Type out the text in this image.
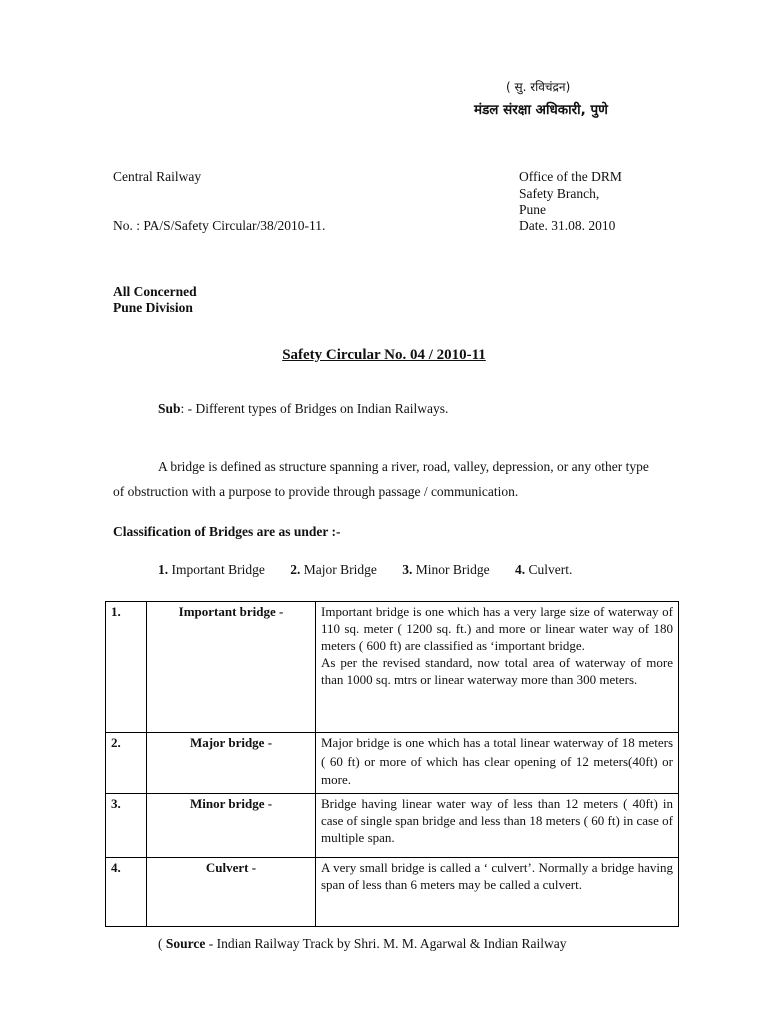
( सु. रविचंद्रन)
मंडल संरक्षा अधिकारी, पुणे
Central Railway
No. : PA/S/Safety Circular/38/2010-11.
Office of the DRM
Safety Branch,
Pune
Date. 31.08. 2010
All Concerned
Pune Division
Safety Circular No. 04 / 2010-11
Sub: - Different types of Bridges on Indian Railways.
A bridge is defined as structure spanning a river, road, valley, depression, or any other type of obstruction with a purpose to provide through passage / communication.
Classification of Bridges are as under :-
1. Important Bridge 2. Major Bridge 3. Minor Bridge 4. Culvert.
1.	Important bridge -	Important bridge is one which has a very large size of waterway of 110 sq. meter ( 1200 sq. ft.) and more or linear water way of 180 meters ( 600 ft) are classified as ‘important bridge.
As per the revised standard, now total area of waterway of more than 1000 sq. mtrs or linear waterway more than 300 meters.

2.	Major bridge -	Major bridge is one which has a total linear waterway of 18 meters ( 60 ft) or more of which has clear opening of 12 meters(40ft) or more.
3.	Minor bridge -	Bridge having linear water way of less than 12 meters ( 40ft) in case of single span bridge and less than 18 meters ( 60 ft) in case of multiple span.
4.	Culvert -	A very small bridge is called a ‘ culvert’. Normally a bridge having span of less than 6 meters may be called a culvert.
( Source - Indian Railway Track by Shri. M. M. Agarwal & Indian Railway
